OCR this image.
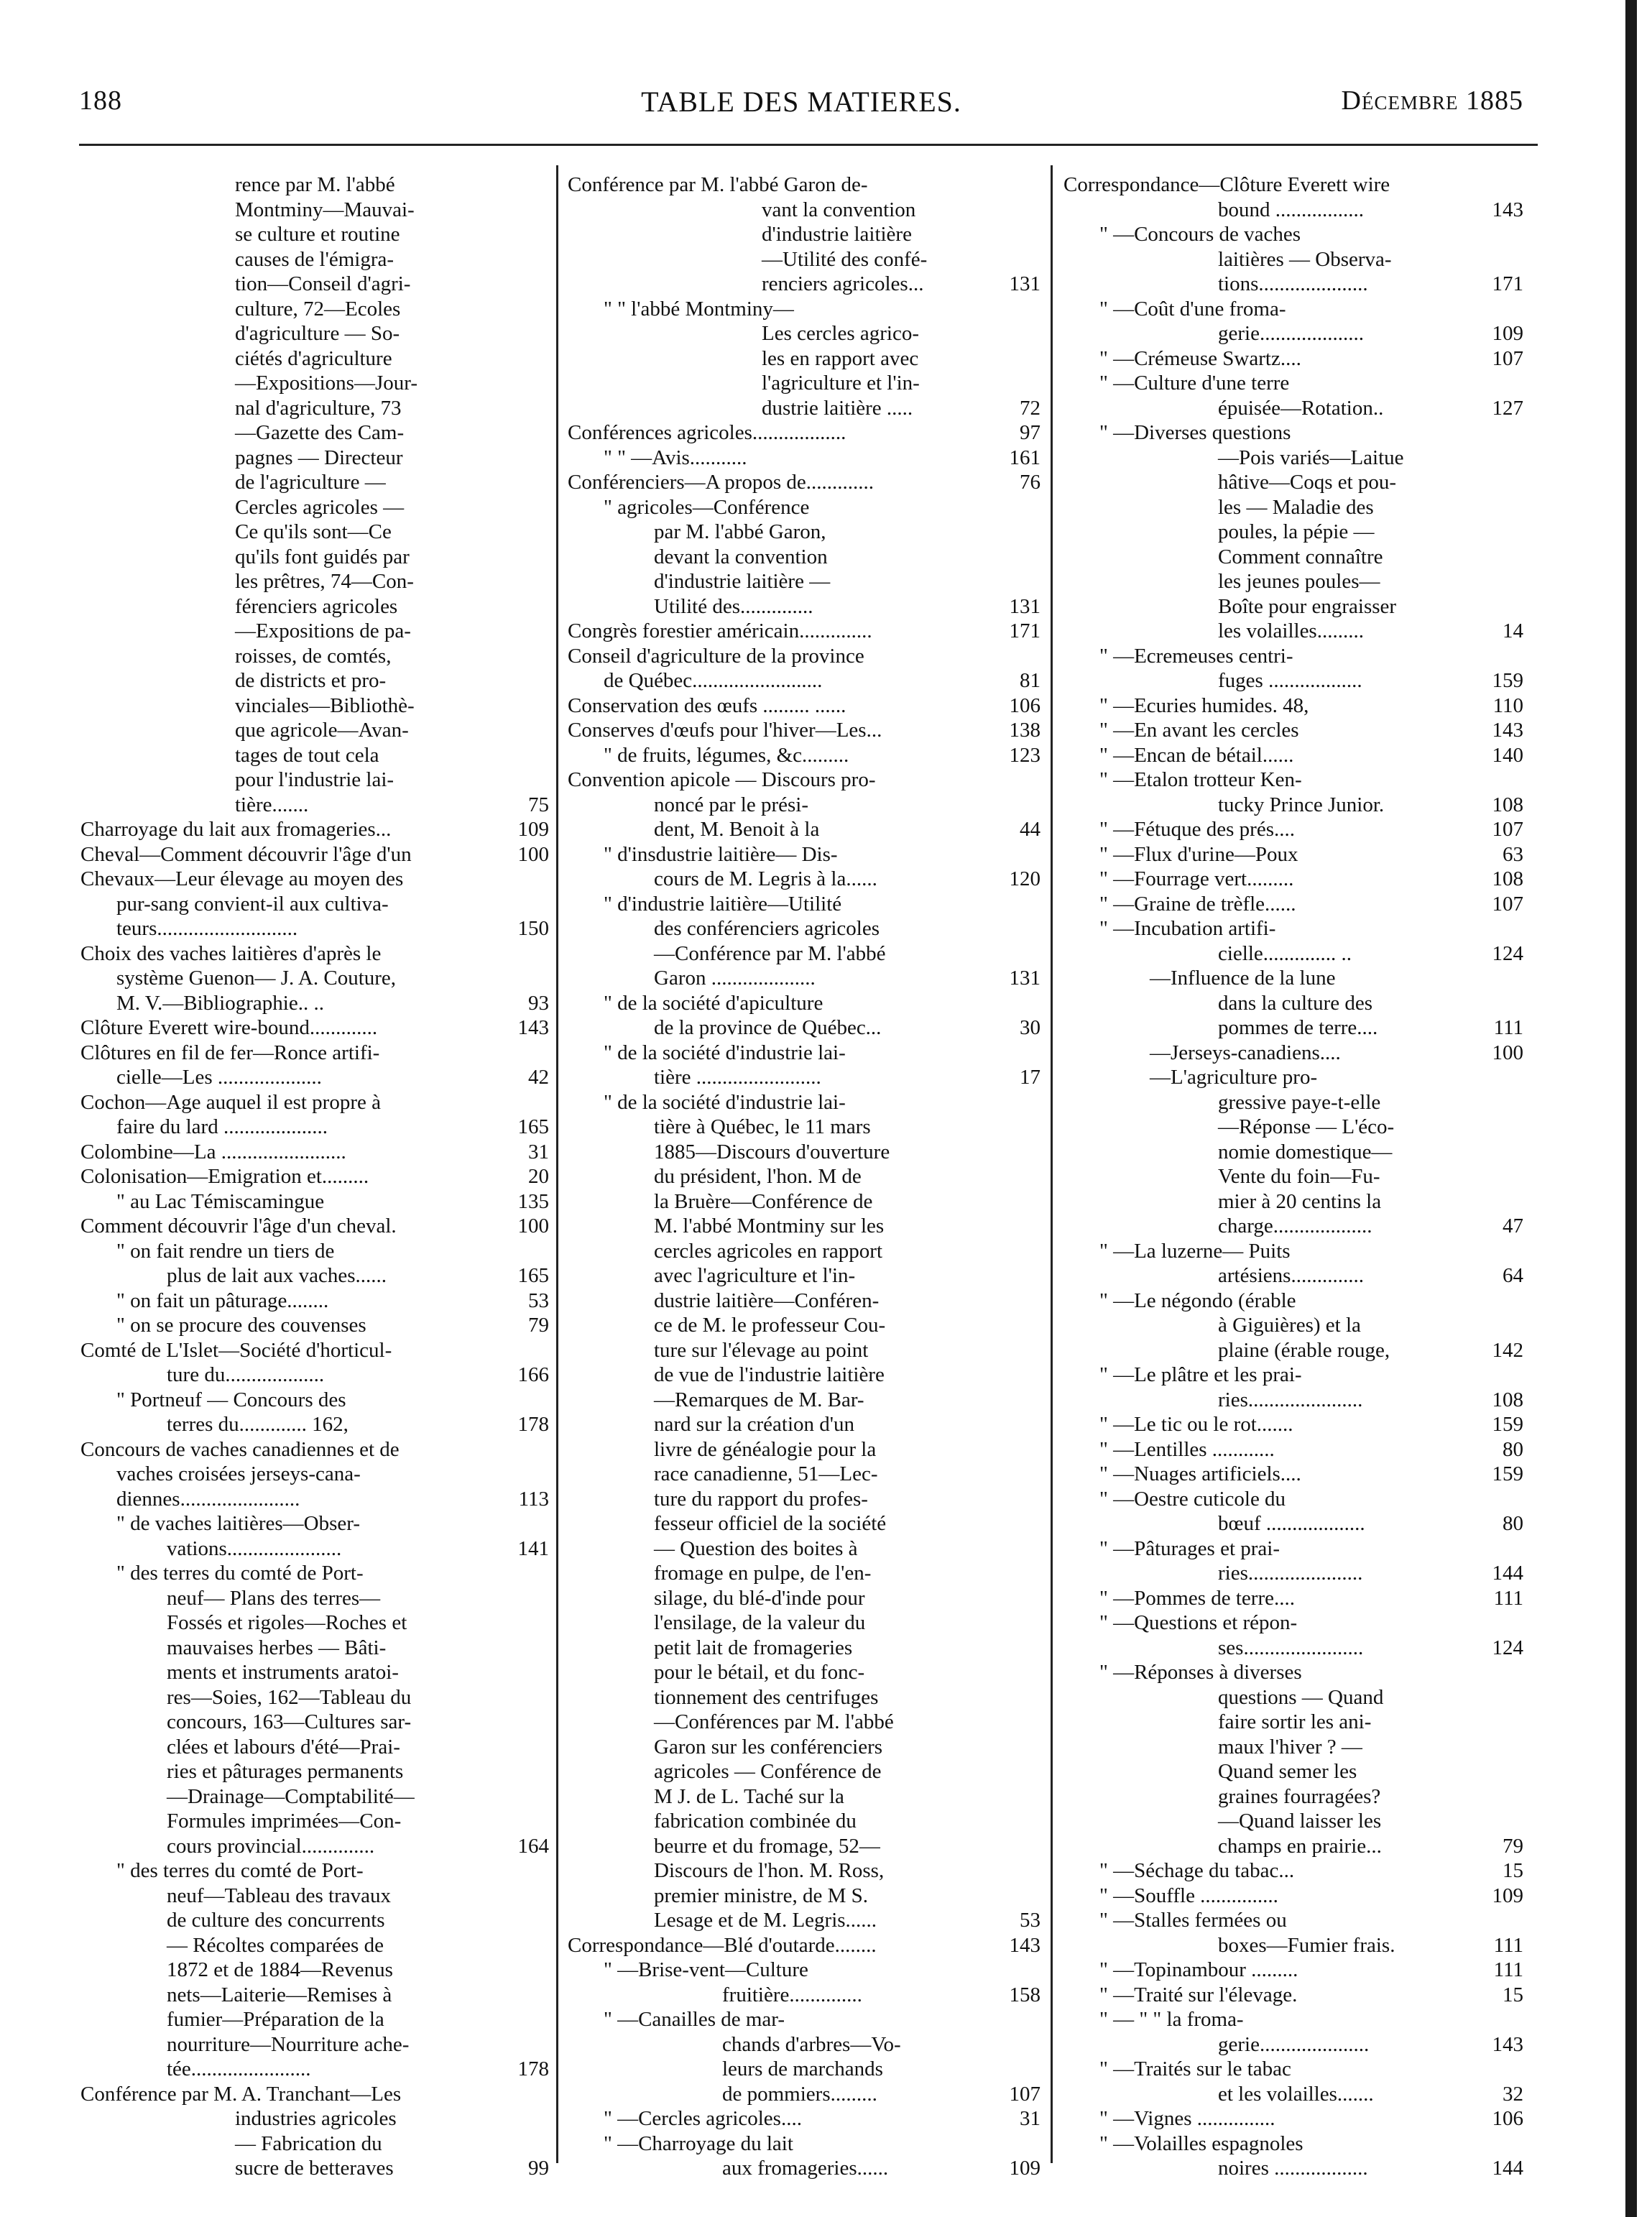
188	TABLE DES MATIERES.	Décembre 1885
rence par M. l'abbé
Montminy—Mauvai-
se culture et routine
causes de l'émigra-
tion—Conseil d'agri-
culture, 72—Ecoles
d'agriculture — So-
ciétés d'agriculture
—Expositions—Jour-
nal d'agriculture, 73
—Gazette des Cam-
pagnes — Directeur
de l'agriculture —
Cercles agricoles —
Ce qu'ils sont—Ce
qu'ils font guidés par
les prêtres, 74—Con-
férenciers agricoles
—Expositions de pa-
roisses, de comtés,
de districts et pro-
vinciales—Bibliothè-
que agricole—Avan-
tages de tout cela
pour l'industrie lai-
tière.......	75
Charroyage du lait aux fromageries...	109
Cheval—Comment découvrir l'âge d'un	100
Chevaux—Leur élevage au moyen des
pur-sang convient-il aux cultiva-
teurs...........................	150
Choix des vaches laitières d'après le
système Guenon— J. A. Couture,
M. V.—Bibliographie.. ..	93
Clôture Everett wire-bound.............	143
Clôtures en fil de fer—Ronce artifi-
cielle—Les ....................	42
Cochon—Age auquel il est propre à
faire du lard ....................	165
Colombine—La ........................	31
Colonisation—Emigration et.........	20
" au Lac Témiscamingue	135
Comment découvrir l'âge d'un cheval.	100
" on fait rendre un tiers de
plus de lait aux vaches......	165
" on fait un pâturage........	53
" on se procure des couvenses	79
Comté de L'Islet—Société d'horticul-
ture du...................	166
" Portneuf — Concours des
terres du............. 162,	178
Concours de vaches canadiennes et de
vaches croisées jerseys-cana-
diennes.......................	113
" de vaches laitières—Obser-
vations......................	141
" des terres du comté de Port-
neuf— Plans des terres—
Fossés et rigoles—Roches et
mauvaises herbes — Bâti-
ments et instruments aratoi-
res—Soies, 162—Tableau du
concours, 163—Cultures sar-
clées et labours d'été—Prai-
ries et pâturages permanents
—Drainage—Comptabilité—
Formules imprimées—Con-
cours provincial..............	164
" des terres du comté de Port-
neuf—Tableau des travaux
de culture des concurrents
— Récoltes comparées de
1872 et de 1884—Revenus
nets—Laiterie—Remises à
fumier—Préparation de la
nourriture—Nourriture ache-
tée.......................	178
Conférence par M. A. Tranchant—Les
industries agricoles
— Fabrication du
sucre de betteraves	99
Conférence par M. l'abbé Garon de-
vant la convention
d'industrie laitière
—Utilité des confé-
renciers agricoles...	131
" " l'abbé Montminy—
Les cercles agrico-
les en rapport avec
l'agriculture et l'in-
dustrie laitière .....	72
Conférences agricoles..................	97
" " —Avis...........	161
Conférenciers—A propos de.............	76
" agricoles—Conférence
par M. l'abbé Garon,
devant la convention
d'industrie laitière —
Utilité des..............	131
Congrès forestier américain..............	171
Conseil d'agriculture de la province
de Québec.........................	81
Conservation des œufs ......... ......	106
Conserves d'œufs pour l'hiver—Les...	138
" de fruits, légumes, &c.........	123
Convention apicole — Discours pro-
noncé par le prési-
dent, M. Benoit à la	44
" d'insdustrie laitière— Dis-
cours de M. Legris à la......	120
" d'industrie laitière—Utilité
des conférenciers agricoles
—Conférence par M. l'abbé
Garon ....................	131
" de la société d'apiculture
de la province de Québec...	30
" de la société d'industrie lai-
tière ........................	17
" de la société d'industrie lai-
tière à Québec, le 11 mars
1885—Discours d'ouverture
du président, l'hon. M de
la Bruère—Conférence de
M. l'abbé Montminy sur les
cercles agricoles en rapport
avec l'agriculture et l'in-
dustrie laitière—Conféren-
ce de M. le professeur Cou-
ture sur l'élevage au point
de vue de l'industrie laitière
—Remarques de M. Bar-
nard sur la création d'un
livre de généalogie pour la
race canadienne, 51—Lec-
ture du rapport du profes-
fesseur officiel de la société
— Question des boites à
fromage en pulpe, de l'en-
silage, du blé-d'inde pour
l'ensilage, de la valeur du
petit lait de fromageries
pour le bétail, et du fonc-
tionnement des centrifuges
—Conférences par M. l'abbé
Garon sur les conférenciers
agricoles — Conférence de
M J. de L. Taché sur la
fabrication combinée du
beurre et du fromage, 52—
Discours de l'hon. M. Ross,
premier ministre, de M S.
Lesage et de M. Legris......	53
Correspondance—Blé d'outarde........	143
" —Brise-vent—Culture
fruitière..............	158
" —Canailles de mar-
chands d'arbres—Vo-
leurs de marchands
de pommiers.........	107
" —Cercles agricoles....	31
" —Charroyage du lait
aux fromageries......	109
Correspondance—Clôture Everett wire
bound .................	143
" —Concours de vaches
laitières — Observa-
tions.....................	171
" —Coût d'une froma-
gerie....................	109
" —Crémeuse Swartz....	107
" —Culture d'une terre
épuisée—Rotation..	127
" —Diverses questions
—Pois variés—Laitue
hâtive—Coqs et pou-
les — Maladie des
poules, la pépie —
Comment connaître
les jeunes poules—
Boîte pour engraisser
les volailles.........	14
" —Ecremeuses centri-
fuges ..................	159
" —Ecuries humides. 48,	110
" —En avant les cercles	143
" —Encan de bétail......	140
" —Etalon trotteur Ken-
tucky Prince Junior.	108
" —Fétuque des prés....	107
" —Flux d'urine—Poux	63
" —Fourrage vert.........	108
" —Graine de trèfle......	107
" —Incubation artifi-
cielle.............. ..	124
—Influence de la lune
dans la culture des
pommes de terre....	111
—Jerseys-canadiens....	100
—L'agriculture pro-
gressive paye-t-elle
—Réponse — L'éco-
nomie domestique—
Vente du foin—Fu-
mier à 20 centins la
charge...................	47
" —La luzerne— Puits
artésiens..............	64
" —Le négondo (érable
à Giguières) et la
plaine (érable rouge,	142
" —Le plâtre et les prai-
ries......................	108
" —Le tic ou le rot.......	159
" —Lentilles ............	80
" —Nuages artificiels....	159
" —Oestre cuticole du
bœuf ...................	80
" —Pâturages et prai-
ries......................	144
" —Pommes de terre....	111
" —Questions et répon-
ses.......................	124
" —Réponses à diverses
questions — Quand
faire sortir les ani-
maux l'hiver ? —
Quand semer les
graines fourragées?
—Quand laisser les
champs en prairie...	79
" —Séchage du tabac...	15
" —Souffle ...............	109
" —Stalles fermées ou
boxes—Fumier frais.	111
" —Topinambour .........	111
" —Traité sur l'élevage.	15
" — " " la froma-
gerie.....................	143
" —Traités sur le tabac
et les volailles.......	32
" —Vignes ...............	106
" —Volailles espagnoles
noires ..................	144
